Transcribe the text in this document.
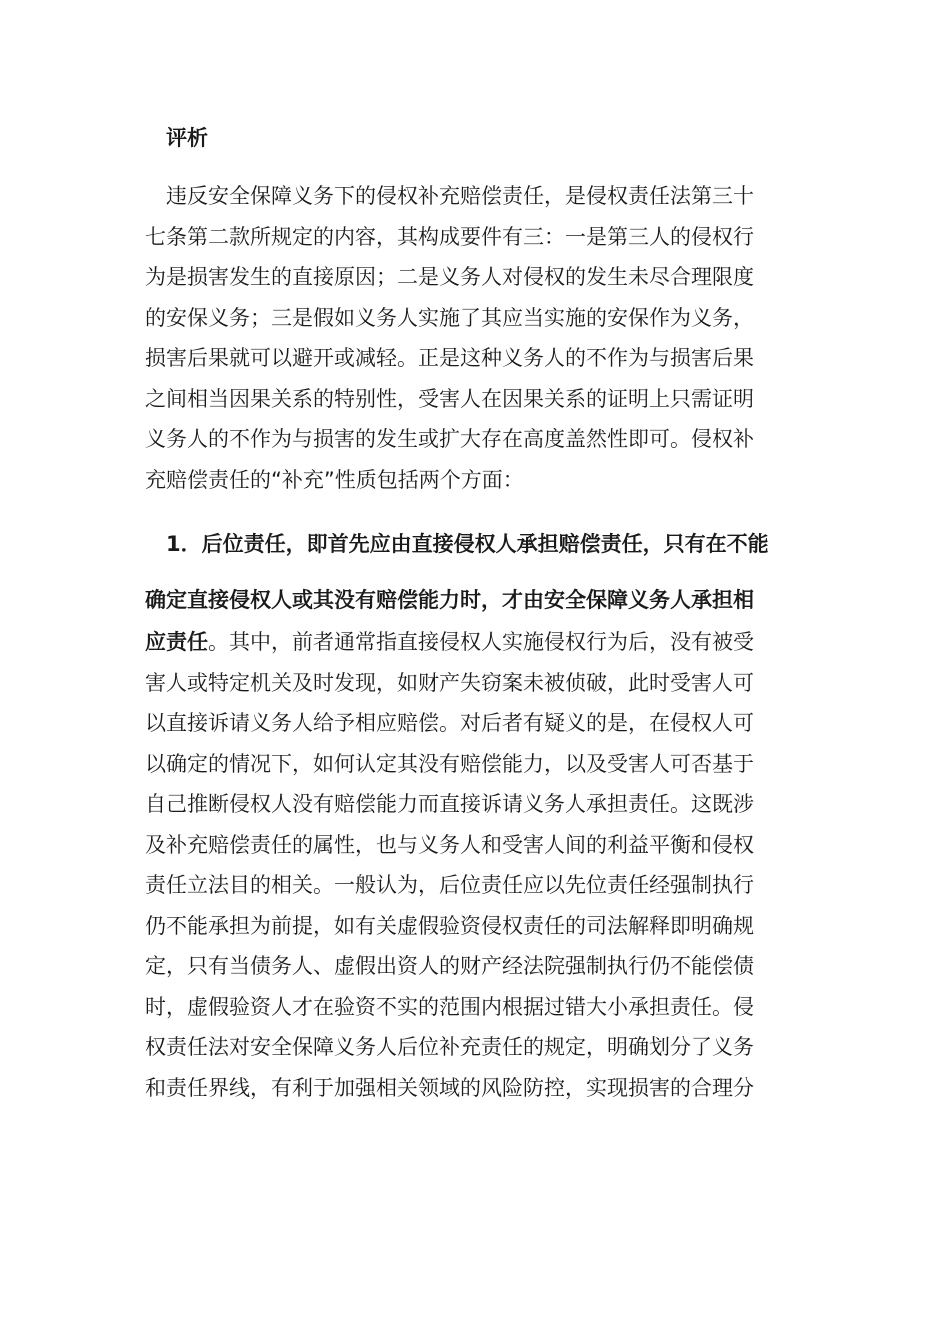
评析
违反安全保障义务下的侵权补充赔偿责任，是侵权责任法第三十
七条第二款所规定的内容，其构成要件有三：一是第三人的侵权行
为是损害发生的直接原因；二是义务人对侵权的发生未尽合理限度
的安保义务；三是假如义务人实施了其应当实施的安保作为义务，
损害后果就可以避开或减轻。正是这种义务人的不作为与损害后果
之间相当因果关系的特别性，受害人在因果关系的证明上只需证明
义务人的不作为与损害的发生或扩大存在高度盖然性即可。侵权补
充赔偿责任的“补充”性质包括两个方面：
1．后位责任，即首先应由直接侵权人承担赔偿责任，只有在不能
确定直接侵权人或其没有赔偿能力时，才由安全保障义务人承担相
应责任。其中，前者通常指直接侵权人实施侵权行为后，没有被受
害人或特定机关及时发现，如财产失窃案未被侦破，此时受害人可
以直接诉请义务人给予相应赔偿。对后者有疑义的是，在侵权人可
以确定的情况下，如何认定其没有赔偿能力，以及受害人可否基于
自己推断侵权人没有赔偿能力而直接诉请义务人承担责任。这既涉
及补充赔偿责任的属性，也与义务人和受害人间的利益平衡和侵权
责任立法目的相关。一般认为，后位责任应以先位责任经强制执行
仍不能承担为前提，如有关虚假验资侵权责任的司法解释即明确规
定，只有当债务人、虚假出资人的财产经法院强制执行仍不能偿债
时，虚假验资人才在验资不实的范围内根据过错大小承担责任。侵
权责任法对安全保障义务人后位补充责任的规定，明确划分了义务
和责任界线，有利于加强相关领域的风险防控，实现损害的合理分
